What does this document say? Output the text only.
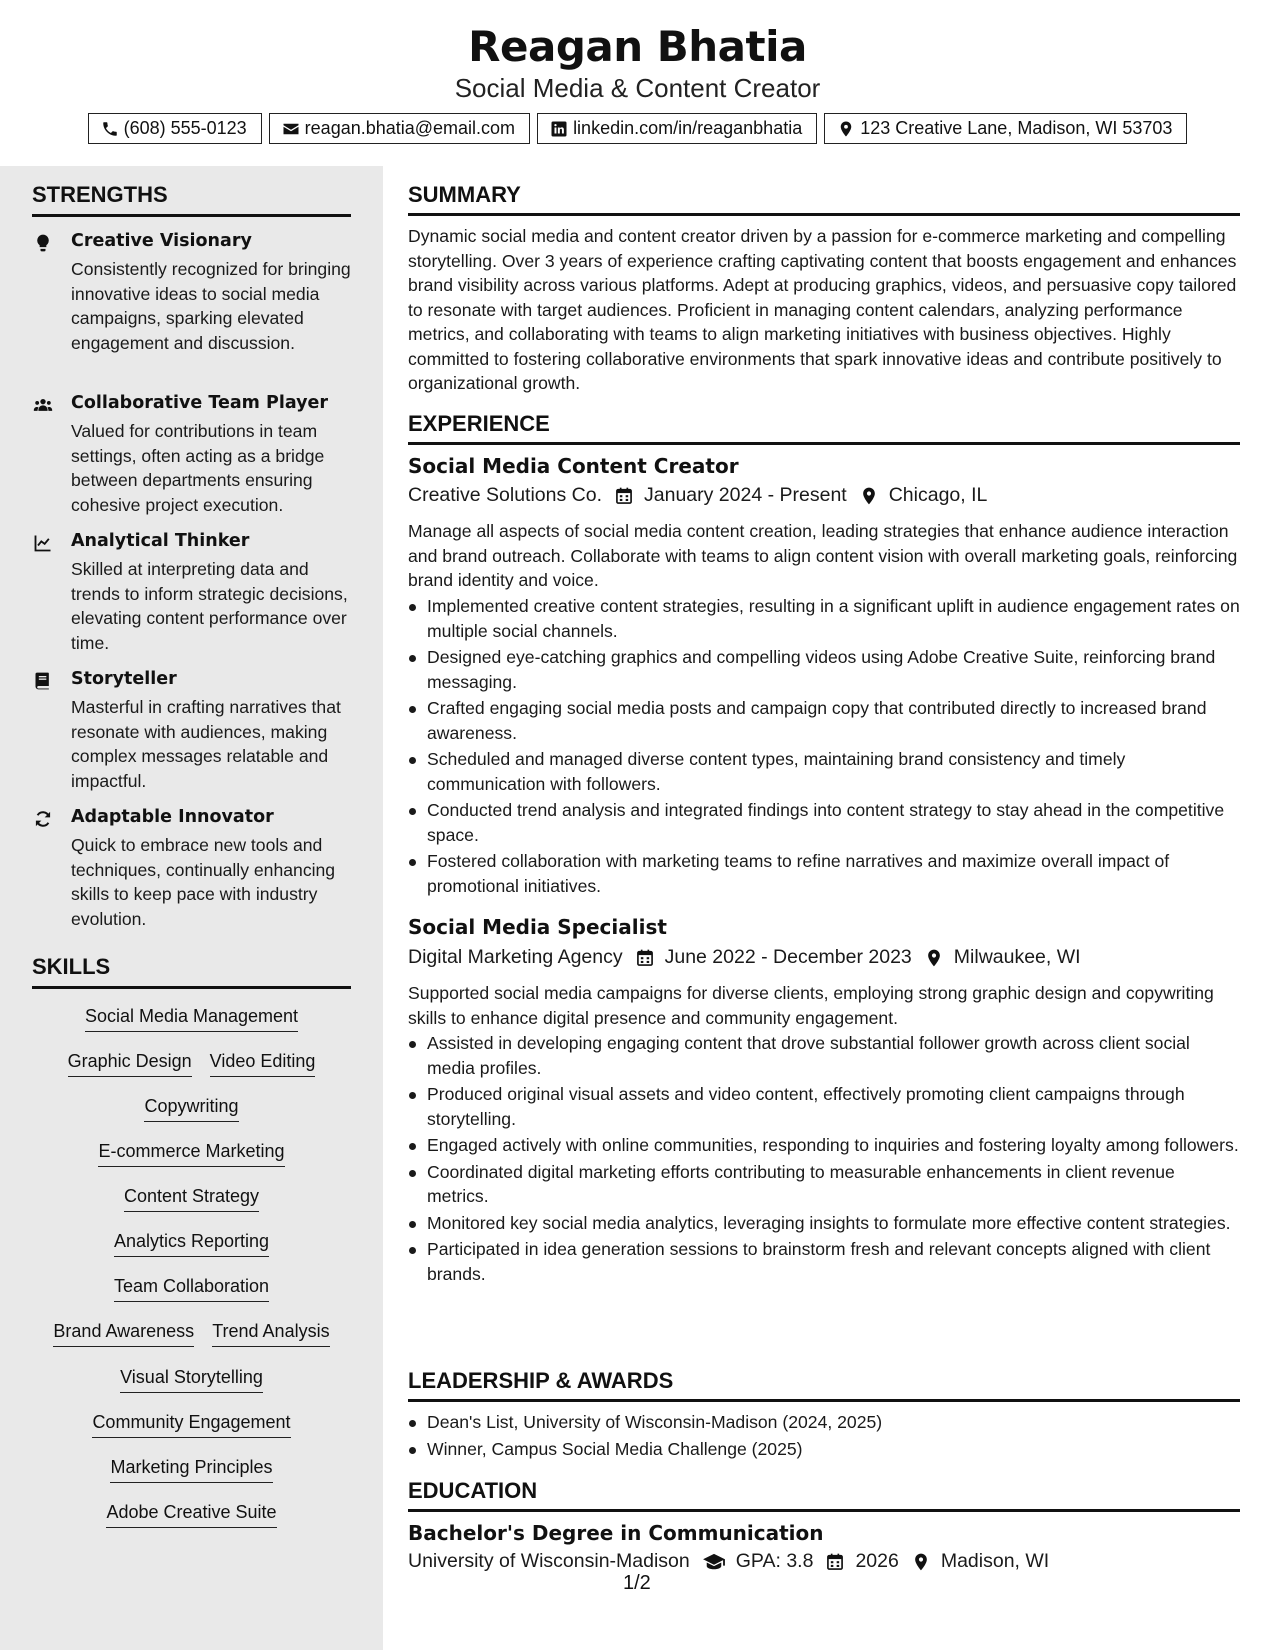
Reagan Bhatia
Social Media & Content Creator
(608) 555-0123	reagan.bhatia@email.com	linkedin.com/in/reaganbhatia	123 Creative Lane, Madison, WI 53703
STRENGTHS
Creative Visionary
Consistently recognized for bringing innovative ideas to social media campaigns, sparking elevated engagement and discussion.
Collaborative Team Player
Valued for contributions in team settings, often acting as a bridge between departments ensuring cohesive project execution.
Analytical Thinker
Skilled at interpreting data and trends to inform strategic decisions, elevating content performance over time.
Storyteller
Masterful in crafting narratives that resonate with audiences, making complex messages relatable and impactful.
Adaptable Innovator
Quick to embrace new tools and techniques, continually enhancing skills to keep pace with industry evolution.
SKILLS
Social Media Management
Graphic Design Video Editing
Copywriting
E-commerce Marketing
Content Strategy
Analytics Reporting
Team Collaboration
Brand Awareness Trend Analysis
Visual Storytelling
Community Engagement
Marketing Principles
Adobe Creative Suite
SUMMARY
Dynamic social media and content creator driven by a passion for e-commerce marketing and compelling storytelling. Over 3 years of experience crafting captivating content that boosts engagement and enhances brand visibility across various platforms. Adept at producing graphics, videos, and persuasive copy tailored to resonate with target audiences. Proficient in managing content calendars, analyzing performance metrics, and collaborating with teams to align marketing initiatives with business objectives. Highly committed to fostering collaborative environments that spark innovative ideas and contribute positively to organizational growth.
EXPERIENCE
Social Media Content Creator
Creative Solutions Co. January 2024 - Present Chicago, IL
Manage all aspects of social media content creation, leading strategies that enhance audience interaction and brand outreach. Collaborate with teams to align content vision with overall marketing goals, reinforcing brand identity and voice.
Implemented creative content strategies, resulting in a significant uplift in audience engagement rates on multiple social channels.
Designed eye-catching graphics and compelling videos using Adobe Creative Suite, reinforcing brand messaging.
Crafted engaging social media posts and campaign copy that contributed directly to increased brand awareness.
Scheduled and managed diverse content types, maintaining brand consistency and timely communication with followers.
Conducted trend analysis and integrated findings into content strategy to stay ahead in the competitive space.
Fostered collaboration with marketing teams to refine narratives and maximize overall impact of promotional initiatives.
Social Media Specialist
Digital Marketing Agency June 2022 - December 2023 Milwaukee, WI
Supported social media campaigns for diverse clients, employing strong graphic design and copywriting skills to enhance digital presence and community engagement.
Assisted in developing engaging content that drove substantial follower growth across client social media profiles.
Produced original visual assets and video content, effectively promoting client campaigns through storytelling.
Engaged actively with online communities, responding to inquiries and fostering loyalty among followers.
Coordinated digital marketing efforts contributing to measurable enhancements in client revenue metrics.
Monitored key social media analytics, leveraging insights to formulate more effective content strategies.
Participated in idea generation sessions to brainstorm fresh and relevant concepts aligned with client brands.
LEADERSHIP & AWARDS
Dean's List, University of Wisconsin-Madison (2024, 2025)
Winner, Campus Social Media Challenge (2025)
EDUCATION
Bachelor's Degree in Communication
University of Wisconsin-Madison GPA: 3.8 2026 Madison, WI
1/2
